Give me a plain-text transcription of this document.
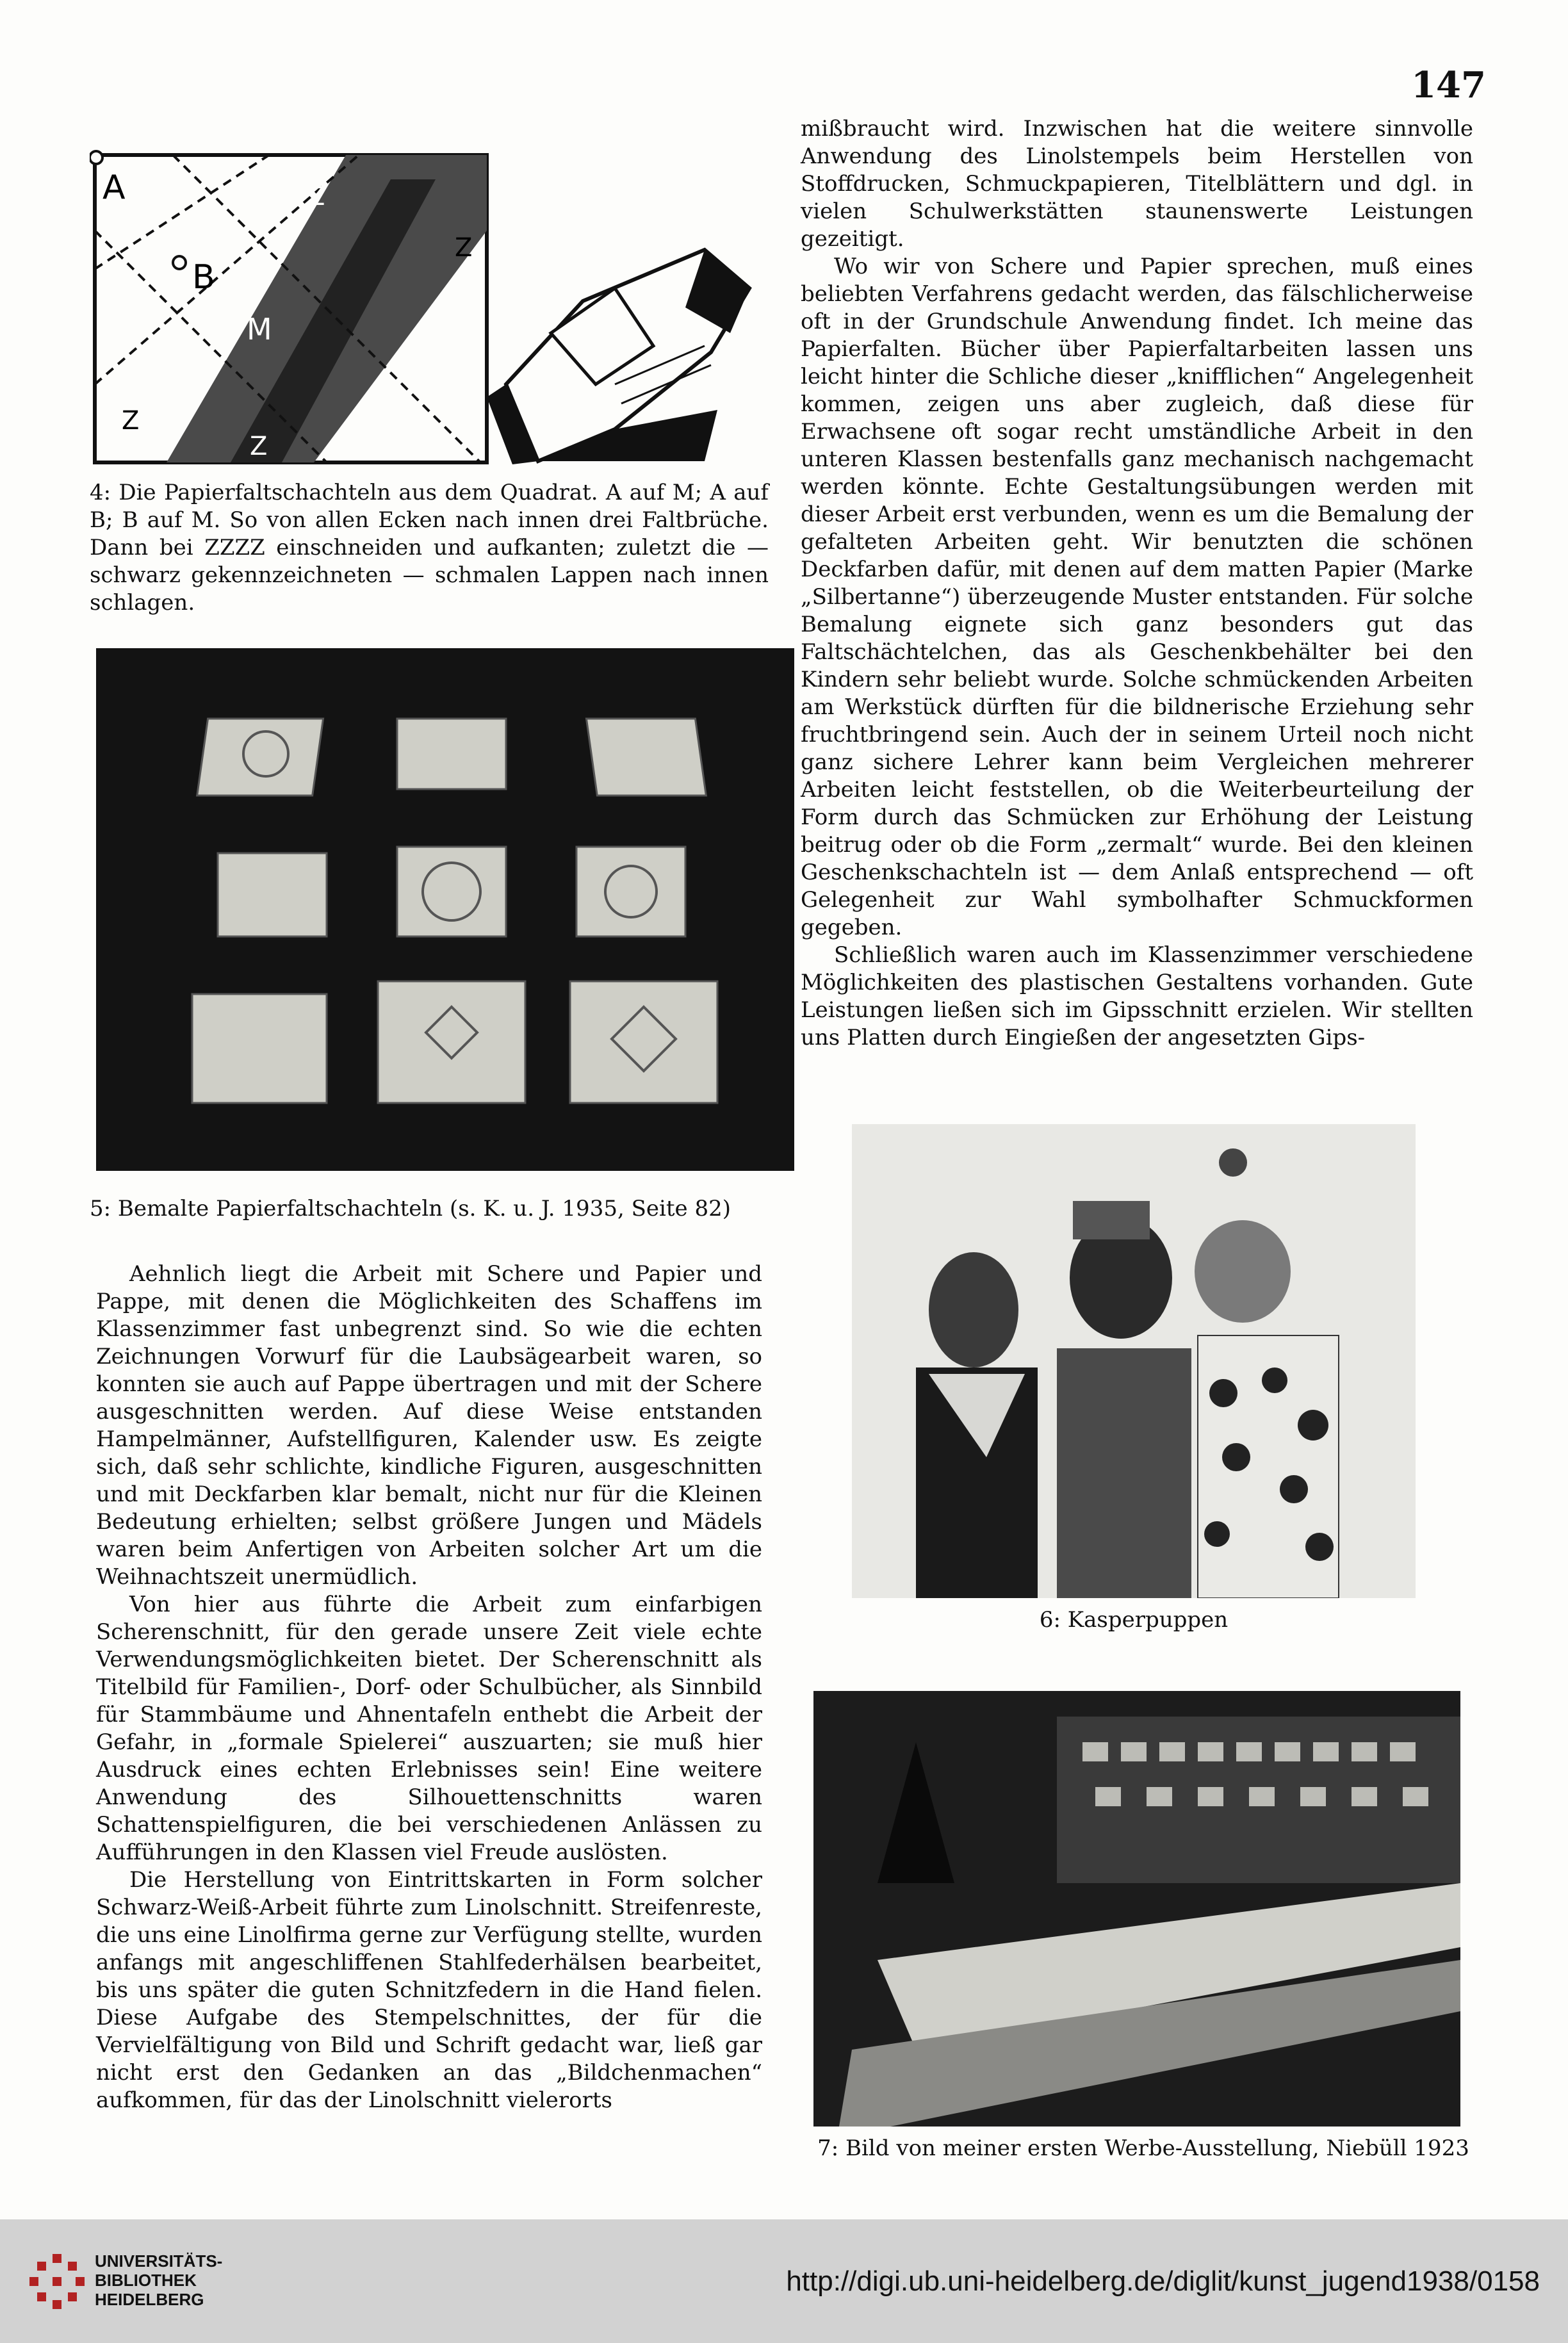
147
A
B
M
Z
Z
Z
Z
4: Die Papierfaltschachteln aus dem Quadrat. A auf M; A auf B; B auf M. So von allen Ecken nach innen drei Faltbrüche. Dann bei ZZZZ einschneiden und aufkanten; zuletzt die — schwarz gekennzeichneten — schmalen Lappen nach innen schlagen.
5: Bemalte Papierfaltschachteln (s. K. u. J. 1935, Seite 82)

Aehnlich liegt die Arbeit mit Schere und Papier und Pappe, mit denen die Möglichkeiten des Schaffens im Klassenzimmer fast unbegrenzt sind. So wie die echten Zeichnungen Vorwurf für die Laubsägearbeit waren, so konnten sie auch auf Pappe übertragen und mit der Schere ausgeschnitten werden. Auf diese Weise entstanden Hampelmänner, Aufstellfiguren, Kalender usw. Es zeigte sich, daß sehr schlichte, kindliche Figuren, ausgeschnitten und mit Deckfarben klar bemalt, nicht nur für die Kleinen Bedeutung erhielten; selbst größere Jungen und Mädels waren beim Anfertigen von Arbeiten solcher Art um die Weihnachtszeit unermüdlich.

Von hier aus führte die Arbeit zum einfarbigen Scherenschnitt, für den gerade unsere Zeit viele echte Verwendungsmöglichkeiten bietet. Der Scherenschnitt als Titelbild für Familien-, Dorf- oder Schulbücher, als Sinnbild für Stammbäume und Ahnentafeln enthebt die Arbeit der Gefahr, in „formale Spielerei“ auszuarten; sie muß hier Ausdruck eines echten Erlebnisses sein! Eine weitere Anwendung des Silhouettenschnitts waren Schattenspielfiguren, die bei verschiedenen Anlässen zu Aufführungen in den Klassen viel Freude auslösten.

Die Herstellung von Eintrittskarten in Form solcher Schwarz-Weiß-Arbeit führte zum Linolschnitt. Streifenreste, die uns eine Linolfirma gerne zur Verfügung stellte, wurden anfangs mit angeschliffenen Stahlfederhälsen bearbeitet, bis uns später die guten Schnitzfedern in die Hand fielen. Diese Aufgabe des Stempelschnittes, der für die Vervielfältigung von Bild und Schrift gedacht war, ließ gar nicht erst den Gedanken an das „Bildchenmachen“ aufkommen, für das der Linolschnitt vielerorts

mißbraucht wird. Inzwischen hat die weitere sinnvolle Anwendung des Linolstempels beim Herstellen von Stoffdrucken, Schmuckpapieren, Titelblättern und dgl. in vielen Schulwerkstätten staunenswerte Leistungen gezeitigt.

Wo wir von Schere und Papier sprechen, muß eines beliebten Verfahrens gedacht werden, das fälschlicherweise oft in der Grundschule Anwendung findet. Ich meine das Papierfalten. Bücher über Papierfaltarbeiten lassen uns leicht hinter die Schliche dieser „knifflichen“ Angelegenheit kommen, zeigen uns aber zugleich, daß diese für Erwachsene oft sogar recht umständliche Arbeit in den unteren Klassen bestenfalls ganz mechanisch nachgemacht werden könnte. Echte Gestaltungsübungen werden mit dieser Arbeit erst verbunden, wenn es um die Bemalung der gefalteten Arbeiten geht. Wir benutzten die schönen Deckfarben dafür, mit denen auf dem matten Papier (Marke „Silbertanne“) überzeugende Muster entstanden. Für solche Bemalung eignete sich ganz besonders gut das Faltschächtelchen, das als Geschenkbehälter bei den Kindern sehr beliebt wurde. Solche schmückenden Arbeiten am Werkstück dürften für die bildnerische Erziehung sehr fruchtbringend sein. Auch der in seinem Urteil noch nicht ganz sichere Lehrer kann beim Vergleichen mehrerer Arbeiten leicht feststellen, ob die Weiterbeurteilung der Form durch das Schmücken zur Erhöhung der Leistung beitrug oder ob die Form „zermalt“ wurde. Bei den kleinen Geschenkschachteln ist — dem Anlaß entsprechend — oft Gelegenheit zur Wahl symbolhafter Schmuckformen gegeben.

Schließlich waren auch im Klassenzimmer verschiedene Möglichkeiten des plastischen Gestaltens vorhanden. Gute Leistungen ließen sich im Gipsschnitt erzielen. Wir stellten uns Platten durch Eingießen der angesetzten Gips-

6: Kasperpuppen
7: Bild von meiner ersten Werbe-Ausstellung, Niebüll 1923
UNIVERSITÄTS-
BIBLIOTHEK
HEIDELBERG
http://digi.ub.uni-heidelberg.de/diglit/kunst_jugend1938/0158
